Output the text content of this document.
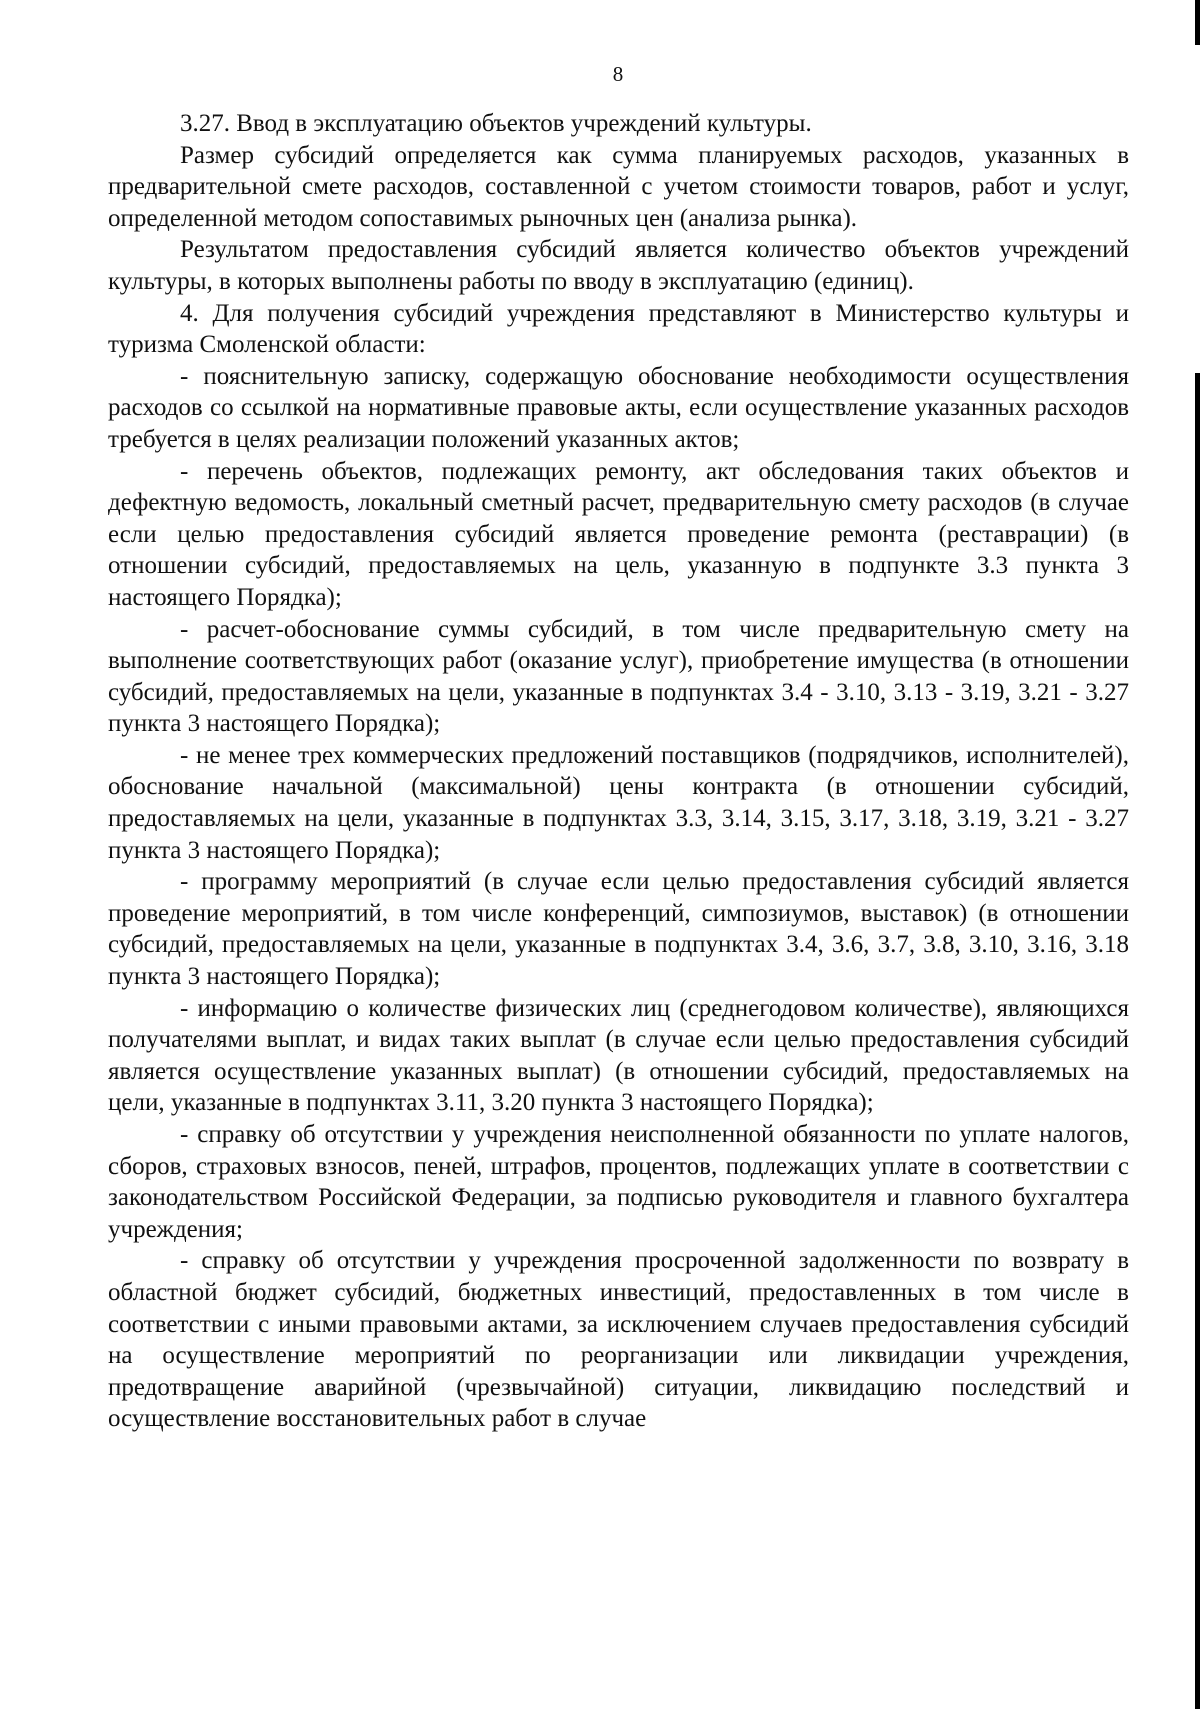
8

3.27. Ввод в эксплуатацию объектов учреждений культуры.

Размер субсидий определяется как сумма планируемых расходов, указанных в предварительной смете расходов, составленной с учетом стоимости товаров, работ и услуг, определенной методом сопоставимых рыночных цен (анализа рынка).

Результатом предоставления субсидий является количество объектов учреждений культуры, в которых выполнены работы по вводу в эксплуатацию (единиц).

4. Для получения субсидий учреждения представляют в Министерство культуры и туризма Смоленской области:

- пояснительную записку, содержащую обоснование необходимости осуществления расходов со ссылкой на нормативные правовые акты, если осуществление указанных расходов требуется в целях реализации положений указанных актов;

- перечень объектов, подлежащих ремонту, акт обследования таких объектов и дефектную ведомость, локальный сметный расчет, предварительную смету расходов (в случае если целью предоставления субсидий является проведение ремонта (реставрации) (в отношении субсидий, предоставляемых на цель, указанную в подпункте 3.3 пункта 3 настоящего Порядка);

- расчет-обоснование суммы субсидий, в том числе предварительную смету на выполнение соответствующих работ (оказание услуг), приобретение имущества (в отношении субсидий, предоставляемых на цели, указанные в подпунктах 3.4 - 3.10, 3.13 - 3.19, 3.21 - 3.27 пункта 3 настоящего Порядка);

- не менее трех коммерческих предложений поставщиков (подрядчиков, исполнителей), обоснование начальной (максимальной) цены контракта (в отношении субсидий, предоставляемых на цели, указанные в подпунктах 3.3, 3.14, 3.15, 3.17, 3.18, 3.19, 3.21 - 3.27 пункта 3 настоящего Порядка);

- программу мероприятий (в случае если целью предоставления субсидий является проведение мероприятий, в том числе конференций, симпозиумов, выставок) (в отношении субсидий, предоставляемых на цели, указанные в подпунктах 3.4, 3.6, 3.7, 3.8, 3.10, 3.16, 3.18 пункта 3 настоящего Порядка);

- информацию о количестве физических лиц (среднегодовом количестве), являющихся получателями выплат, и видах таких выплат (в случае если целью предоставления субсидий является осуществление указанных выплат) (в отношении субсидий, предоставляемых на цели, указанные в подпунктах 3.11, 3.20 пункта 3 настоящего Порядка);

- справку об отсутствии у учреждения неисполненной обязанности по уплате налогов, сборов, страховых взносов, пеней, штрафов, процентов, подлежащих уплате в соответствии с законодательством Российской Федерации, за подписью руководителя и главного бухгалтера учреждения;

- справку об отсутствии у учреждения просроченной задолженности по возврату в областной бюджет субсидий, бюджетных инвестиций, предоставленных в том числе в соответствии с иными правовыми актами, за исключением случаев предоставления субсидий на осуществление мероприятий по реорганизации или ликвидации учреждения, предотвращение аварийной (чрезвычайной) ситуации, ликвидацию последствий и осуществление восстановительных работ в случае
